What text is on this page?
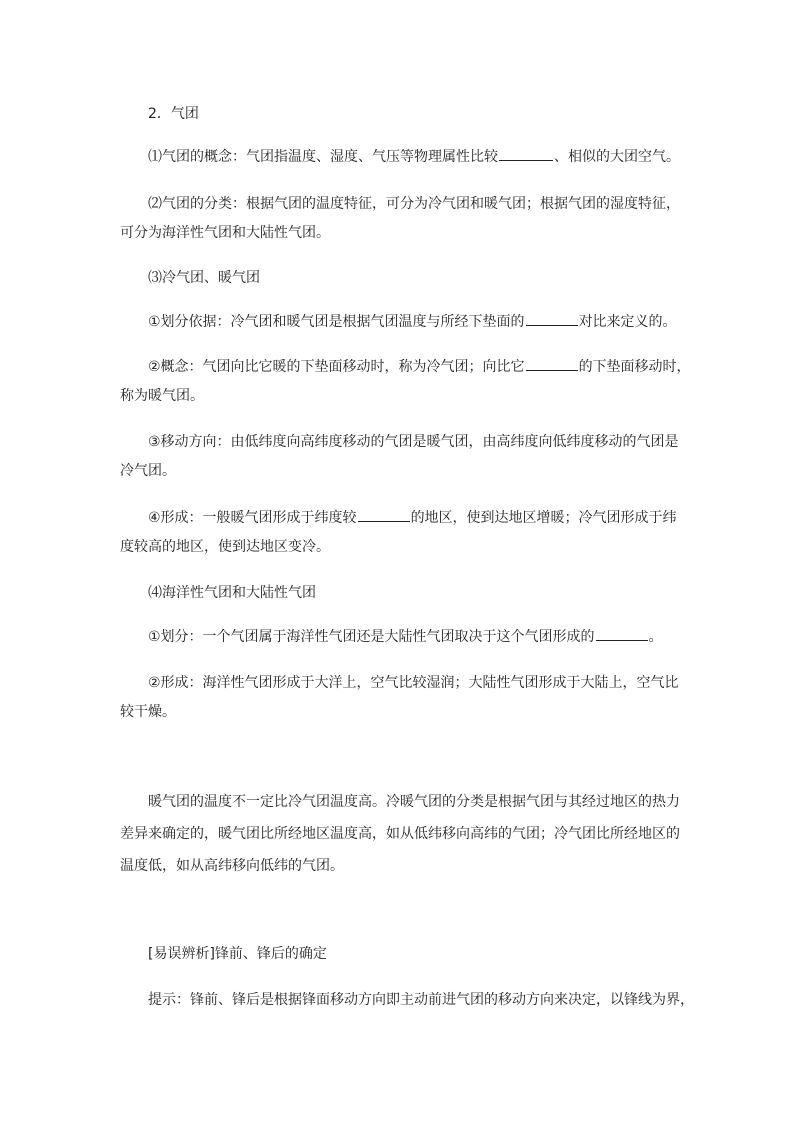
2．气团
⑴气团的概念：气团指温度、湿度、气压等物理属性比较	、相似的大团空气。
⑵气团的分类：根据气团的温度特征，可分为冷气团和暖气团；根据气团的湿度特征，
可分为海洋性气团和大陆性气团。
⑶冷气团、暖气团
①划分依据：冷气团和暖气团是根据气团温度与所经下垫面的	对比来定义的。
②概念：气团向比它暖的下垫面移动时，称为冷气团；向比它	的下垫面移动时，
称为暖气团。
③移动方向：由低纬度向高纬度移动的气团是暖气团，由高纬度向低纬度移动的气团是
冷气团。
④形成：一般暖气团形成于纬度较	的地区，使到达地区增暖；冷气团形成于纬
度较高的地区，使到达地区变冷。
⑷海洋性气团和大陆性气团
①划分：一个气团属于海洋性气团还是大陆性气团取决于这个气团形成的	。
②形成：海洋性气团形成于大洋上，空气比较湿润；大陆性气团形成于大陆上，空气比
较干燥。
暖气团的温度不一定比冷气团温度高。冷暖气团的分类是根据气团与其经过地区的热力
差异来确定的，暖气团比所经地区温度高，如从低纬移向高纬的气团；冷气团比所经地区的
温度低，如从高纬移向低纬的气团。
[易误辨析]锋前、锋后的确定
提示：锋前、锋后是根据锋面移动方向即主动前进气团的移动方向来决定，以锋线为界，
